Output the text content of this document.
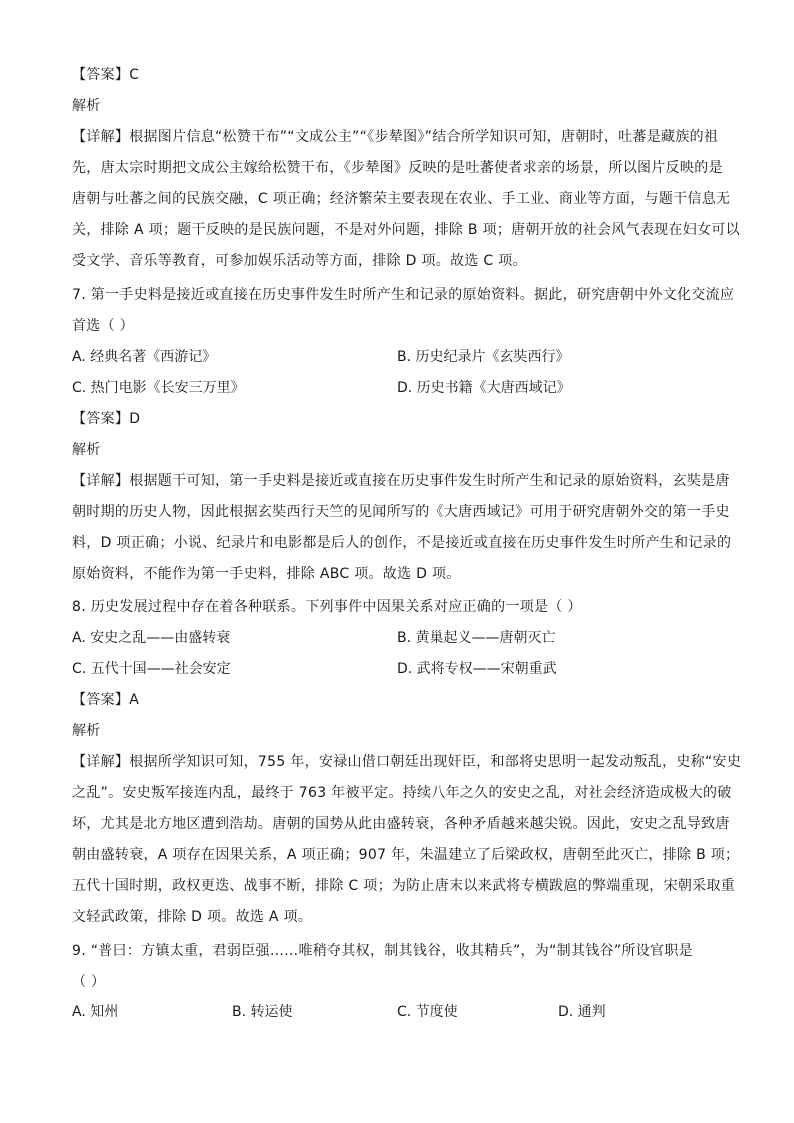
【答案】C
解析
【详解】根据图片信息“松赞干布”“文成公主”“《步辇图》”结合所学知识可知，唐朝时，吐蕃是藏族的祖
先，唐太宗时期把文成公主嫁给松赞干布，《步辇图》反映的是吐蕃使者求亲的场景，所以图片反映的是
唐朝与吐蕃之间的民族交融，C 项正确；经济繁荣主要表现在农业、手工业、商业等方面，与题干信息无
关，排除 A 项；题干反映的是民族问题，不是对外问题，排除 B 项；唐朝开放的社会风气表现在妇女可以
受文学、音乐等教育，可参加娱乐活动等方面，排除 D 项。故选 C 项。
7. 第一手史料是接近或直接在历史事件发生时所产生和记录的原始资料。据此，研究唐朝中外文化交流应
首选（ ）
A. 经典名著《西游记》	B. 历史纪录片《玄奘西行》
C. 热门电影《长安三万里》	D. 历史书籍《大唐西域记》
【答案】D
解析
【详解】根据题干可知，第一手史料是接近或直接在历史事件发生时所产生和记录的原始资料，玄奘是唐
朝时期的历史人物，因此根据玄奘西行天竺的见闻所写的《大唐西域记》可用于研究唐朝外交的第一手史
料，D 项正确；小说、纪录片和电影都是后人的创作，不是接近或直接在历史事件发生时所产生和记录的
原始资料，不能作为第一手史料，排除 ABC 项。故选 D 项。
8. 历史发展过程中存在着各种联系。下列事件中因果关系对应正确的一项是（ ）
A. 安史之乱——由盛转衰	B. 黄巢起义——唐朝灭亡
C. 五代十国——社会安定	D. 武将专权——宋朝重武
【答案】A
解析
【详解】根据所学知识可知，755 年，安禄山借口朝廷出现奸臣，和部将史思明一起发动叛乱，史称“安史
之乱”。安史叛军接连内乱，最终于 763 年被平定。持续八年之久的安史之乱，对社会经济造成极大的破
坏，尤其是北方地区遭到浩劫。唐朝的国势从此由盛转衰，各种矛盾越来越尖锐。因此，安史之乱导致唐
朝由盛转衰，A 项存在因果关系，A 项正确；907 年，朱温建立了后梁政权，唐朝至此灭亡，排除 B 项；
五代十国时期，政权更迭、战事不断，排除 C 项；为防止唐末以来武将专横跋扈的弊端重现，宋朝采取重
文轻武政策，排除 D 项。故选 A 项。
9. “普曰：方镇太重，君弱臣强……唯稍夺其权，制其钱谷，收其精兵”，为“制其钱谷”所设官职是
（ ）
A. 知州	B. 转运使	C. 节度使	D. 通判
